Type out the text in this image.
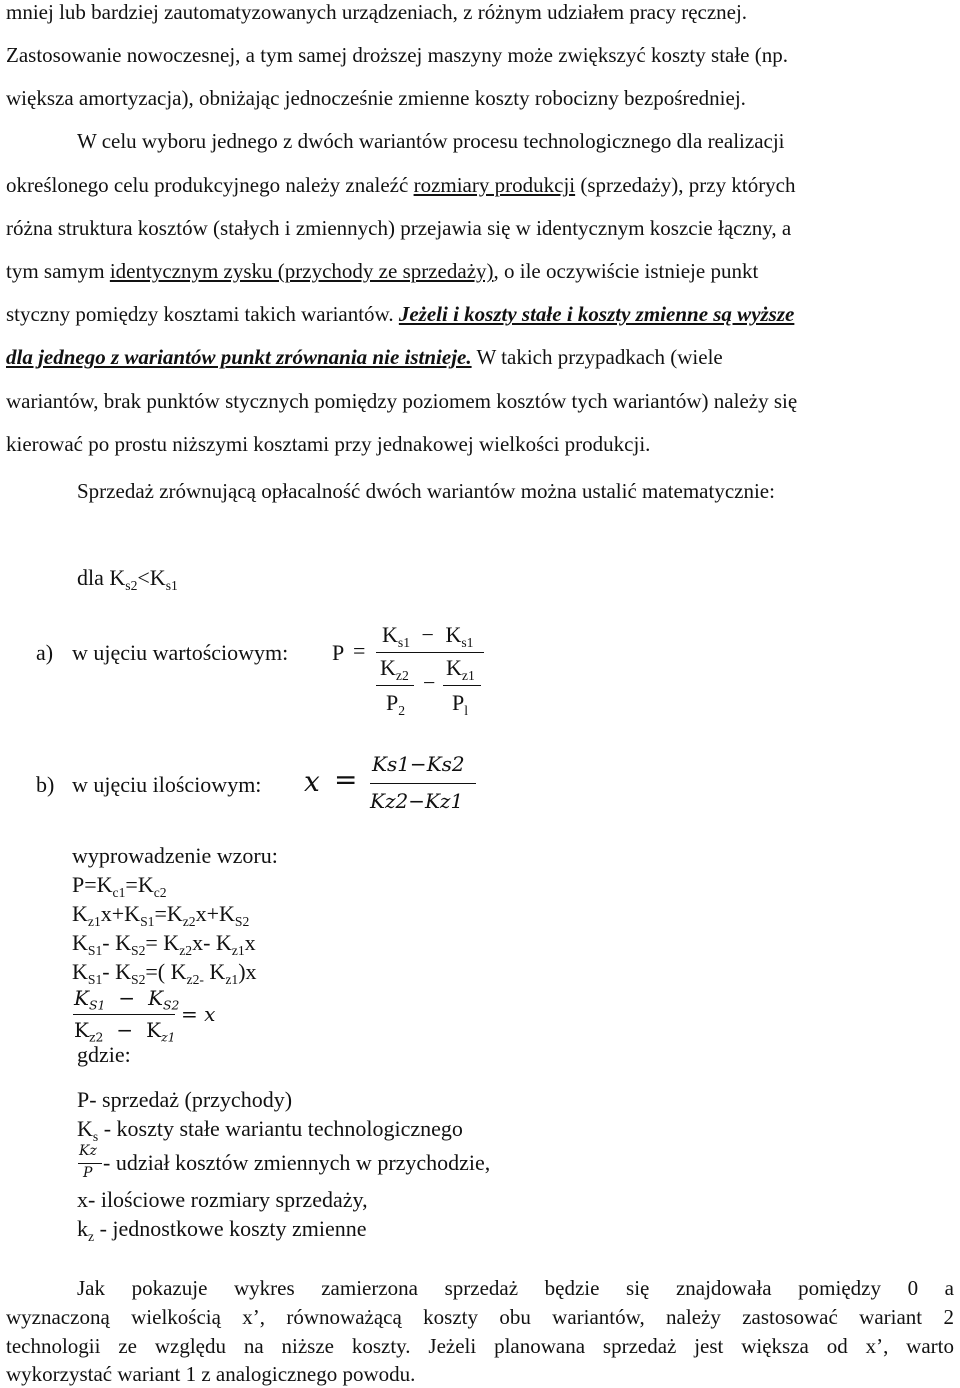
mniej lub bardziej zautomatyzowanych urządzeniach, z różnym udziałem pracy ręcznej.
Zastosowanie nowoczesnej, a tym samej droższej maszyny może zwiększyć koszty stałe (np.
większa amortyzacja), obniżając jednocześnie zmienne koszty robocizny bezpośredniej.
W celu wyboru jednego z dwóch wariantów procesu technologicznego dla realizacji
określonego celu produkcyjnego należy znaleźć rozmiary produkcji (sprzedaży), przy których
różna struktura kosztów (stałych i zmiennych) przejawia się w identycznym koszcie łączny, a
tym samym identycznym zysku (przychody ze sprzedaży), o ile oczywiście istnieje punkt
styczny pomiędzy kosztami takich wariantów. Jeżeli i koszty stałe i koszty zmienne są wyższe
dla jednego z wariantów punkt zrównania nie istnieje. W takich przypadkach (wiele
wariantów, brak punktów stycznych pomiędzy poziomem kosztów tych wariantów) należy się
kierować po prostu niższymi kosztami przy jednakowej wielkości produkcji.
Sprzedaż zrównującą opłacalność dwóch wariantów można ustalić matematycznie:
dla $K_{s2}<K_{s1}$
a) w ujęciu wartościowym: P =
$K_{s1} - K_{s1}$
$K_{z2}$
$P_2$
−
$K_{z1}$
$P_l$
b) w ujęciu ilościowym: x = Ks1−Ks2
Kz2−Kz1
wyprowadzenie wzoru:
$P=K_{c1}=K_{c2}$
$K_{z1}x+K_{S1}=K_{z2}x+K_{S2}$
$K_{S1}-$ $K_{S2}= K_{z2}x-$ $K_{z1}x$
$K_{S1}-$ $K_{S2}=$( $K_{z2-}$ $K_{z1})x$
$K_{S1} - K_{S2}$
$K_{z2} - K_{z1}$
= x
gdzie:
P- sprzedaż (przychody)
$K_s$ - koszty stałe wariantu technologicznego
Kz
P - udział kosztów zmiennych w przychodzie,
x- ilościowe rozmiary sprzedaży,
$k_z$ - jednostkowe koszty zmienne
Jak pokazuje wykres zamierzona sprzedaż będzie się znajdowała pomiędzy 0 a
wyznaczoną wielkością x’, równoważącą koszty obu wariantów, należy zastosować wariant 2
technologii ze względu na niższe koszty. Jeżeli planowana sprzedaż jest większa od x’, warto
wykorzystać wariant 1 z analogicznego powodu.
